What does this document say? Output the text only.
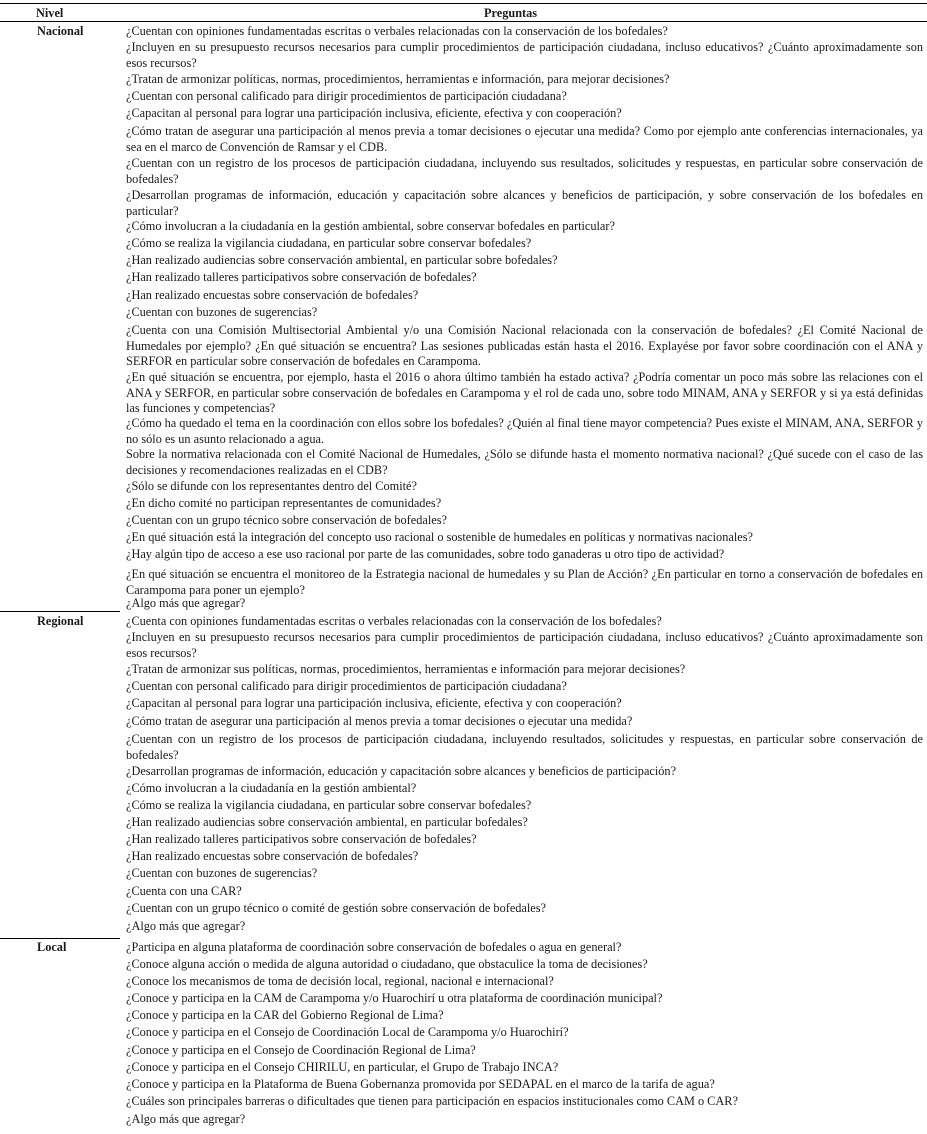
Nivel	Preguntas
Nacional	¿Cuentan con opiniones fundamentadas escritas o verbales relacionadas con la conservación de los bofedales?
¿Incluyen en su presupuesto recursos necesarios para cumplir procedimientos de participación ciudadana, incluso educativos? ¿Cuánto aproximadamente son esos recursos?
¿Tratan de armonizar políticas, normas, procedimientos, herramientas e información, para mejorar decisiones?
¿Cuentan con personal calificado para dirigir procedimientos de participación ciudadana?
¿Capacitan al personal para lograr una participación inclusiva, eficiente, efectiva y con cooperación?
¿Cómo tratan de asegurar una participación al menos previa a tomar decisiones o ejecutar una medida? Como por ejemplo ante conferencias internacionales, ya sea en el marco de Convención de Ramsar y el CDB.
¿Cuentan con un registro de los procesos de participación ciudadana, incluyendo sus resultados, solicitudes y respuestas, en particular sobre conservación de bofedales?
¿Desarrollan programas de información, educación y capacitación sobre alcances y beneficios de participación, y sobre conservación de los bofedales en particular?
¿Cómo involucran a la ciudadanía en la gestión ambiental, sobre conservar bofedales en particular?
¿Cómo se realiza la vigilancia ciudadana, en particular sobre conservar bofedales?
¿Han realizado audiencias sobre conservación ambiental, en particular sobre bofedales?
¿Han realizado talleres participativos sobre conservación de bofedales?
¿Han realizado encuestas sobre conservación de bofedales?
¿Cuentan con buzones de sugerencias?
¿Cuenta con una Comisión Multisectorial Ambiental y/o una Comisión Nacional relacionada con la conservación de bofedales? ¿El Comité Nacional de Humedales por ejemplo? ¿En qué situación se encuentra? Las sesiones publicadas están hasta el 2016. Explayése por favor sobre coordinación con el ANA y SERFOR en particular sobre conservación de bofedales en Carampoma.
¿En qué situación se encuentra, por ejemplo, hasta el 2016 o ahora último también ha estado activa? ¿Podría comentar un poco más sobre las relaciones con el ANA y SERFOR, en particular sobre conservación de bofedales en Carampoma y el rol de cada uno, sobre todo MINAM, ANA y SERFOR y si ya está definidas las funciones y competencias?
¿Cómo ha quedado el tema en la coordinación con ellos sobre los bofedales? ¿Quién al final tiene mayor competencia? Pues existe el MINAM, ANA, SERFOR y no sólo es un asunto relacionado a agua.
Sobre la normativa relacionada con el Comité Nacional de Humedales, ¿Sólo se difunde hasta el momento normativa nacional? ¿Qué sucede con el caso de las decisiones y recomendaciones realizadas en el CDB?
¿Sólo se difunde con los representantes dentro del Comité?
¿En dicho comité no participan representantes de comunidades?
¿Cuentan con un grupo técnico sobre conservación de bofedales?
¿En qué situación está la integración del concepto uso racional o sostenible de humedales en políticas y normativas nacionales?
¿Hay algún tipo de acceso a ese uso racional por parte de las comunidades, sobre todo ganaderas u otro tipo de actividad?
¿En qué situación se encuentra el monitoreo de la Estrategia nacional de humedales y su Plan de Acción? ¿En particular en torno a conservación de bofedales en Carampoma para poner un ejemplo?
¿Algo más que agregar?
Regional	¿Cuenta con opiniones fundamentadas escritas o verbales relacionadas con la conservación de los bofedales?
¿Incluyen en su presupuesto recursos necesarios para cumplir procedimientos de participación ciudadana, incluso educativos? ¿Cuánto aproximadamente son esos recursos?
¿Tratan de armonizar sus políticas, normas, procedimientos, herramientas e información para mejorar decisiones?
¿Cuentan con personal calificado para dirigir procedimientos de participación ciudadana?
¿Capacitan al personal para lograr una participación inclusiva, eficiente, efectiva y con cooperación?
¿Cómo tratan de asegurar una participación al menos previa a tomar decisiones o ejecutar una medida?
¿Cuentan con un registro de los procesos de participación ciudadana, incluyendo resultados, solicitudes y respuestas, en particular sobre conservación de bofedales?
¿Desarrollan programas de información, educación y capacitación sobre alcances y beneficios de participación?
¿Cómo involucran a la ciudadanía en la gestión ambiental?
¿Cómo se realiza la vigilancia ciudadana, en particular sobre conservar bofedales?
¿Han realizado audiencias sobre conservación ambiental, en particular bofedales?
¿Han realizado talleres participativos sobre conservación de bofedales?
¿Han realizado encuestas sobre conservación de bofedales?
¿Cuentan con buzones de sugerencias?
¿Cuenta con una CAR?
¿Cuentan con un grupo técnico o comité de gestión sobre conservación de bofedales?
¿Algo más que agregar?
Local	¿Participa en alguna plataforma de coordinación sobre conservación de bofedales o agua en general?
¿Conoce alguna acción o medida de alguna autoridad o ciudadano, que obstaculice la toma de decisiones?
¿Conoce los mecanismos de toma de decisión local, regional, nacional e internacional?
¿Conoce y participa en la CAM de Carampoma y/o Huarochirí u otra plataforma de coordinación municipal?
¿Conoce y participa en la CAR del Gobierno Regional de Lima?
¿Conoce y participa en el Consejo de Coordinación Local de Carampoma y/o Huarochirí?
¿Conoce y participa en el Consejo de Coordinación Regional de Lima?
¿Conoce y participa en el Consejo CHIRILU, en particular, el Grupo de Trabajo INCA?
¿Conoce y participa en la Plataforma de Buena Gobernanza promovida por SEDAPAL en el marco de la tarifa de agua?
¿Cuáles son principales barreras o dificultades que tienen para participación en espacios institucionales como CAM o CAR?
¿Algo más que agregar?
